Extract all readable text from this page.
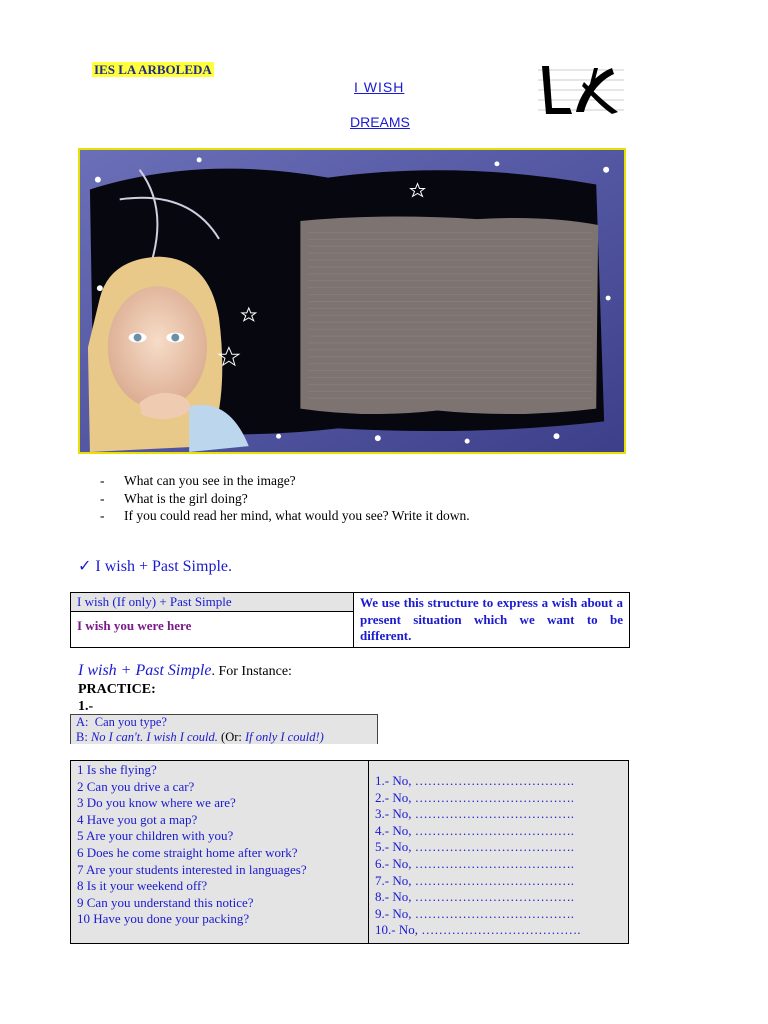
IES LA ARBOLEDA
I WISH
DREAMS
-	What can you see in the image?
-	What is the girl doing?
-	If you could read her mind, what would you see? Write it down.
✓ I wish + Past Simple.
I wish (If only) + Past Simple	We use this structure to express a wish about a present situation which we want to be different.
I wish you were here
I wish + Past Simple. For Instance:
PRACTICE:
1.-
A: Can you type?
B: No I can't. I wish I could. (Or: If only I could!)
1 Is she flying?
2 Can you drive a car?
3 Do you know where we are?
4 Have you got a map?
5 Are your children with you?
6 Does he come straight home after work?
7 Are your students interested in languages?
8 Is it your weekend off?
9 Can you understand this notice?
10 Have you done your packing?
1.- No, ……………………………….
2.- No, ……………………………….
3.- No, ……………………………….
4.- No, ……………………………….
5.- No, ……………………………….
6.- No, ……………………………….
7.- No, ……………………………….
8.- No, ……………………………….
9.- No, ……………………………….
10.- No, ……………………………….
